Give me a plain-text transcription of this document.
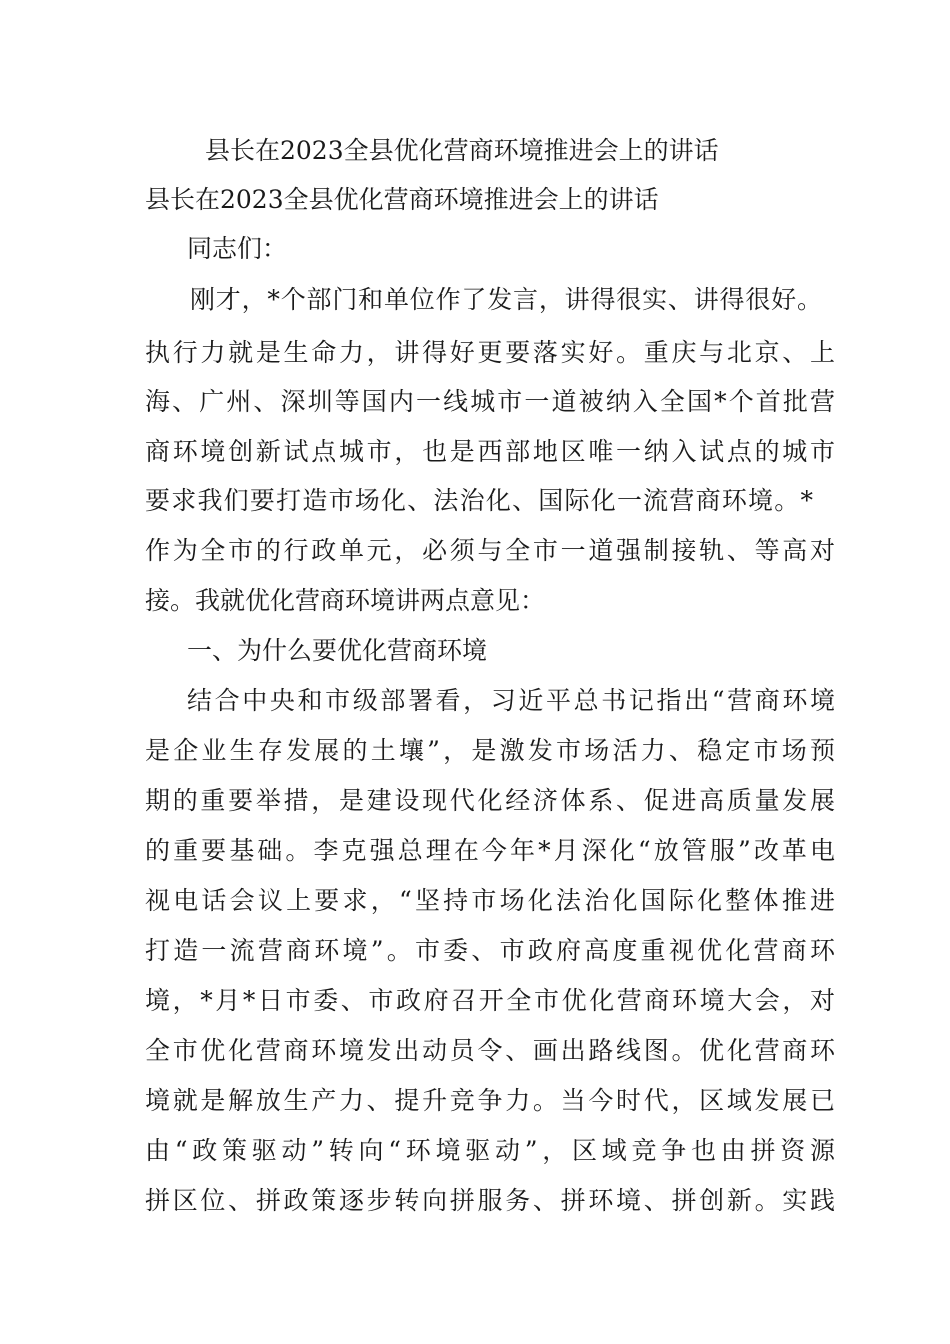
县长在2023全县优化营商环境推进会上的讲话
县长在2023全县优化营商环境推进会上的讲话
同志们：
刚才，*个部门和单位作了发言，讲得很实、讲得很好。
执行力就是生命力，讲得好更要落实好。重庆与北京、上
海、广州、深圳等国内一线城市一道被纳入全国*个首批营
商环境创新试点城市，也是西部地区唯一纳入试点的城市
要求我们要打造市场化、法治化、国际化一流营商环境。*
作为全市的行政单元，必须与全市一道强制接轨、等高对
接。我就优化营商环境讲两点意见：
一、为什么要优化营商环境
结合中央和市级部署看，习近平总书记指出“营商环境
是企业生存发展的土壤”，是激发市场活力、稳定市场预
期的重要举措，是建设现代化经济体系、促进高质量发展
的重要基础。李克强总理在今年*月深化“放管服”改革电
视电话会议上要求，“坚持市场化法治化国际化整体推进
打造一流营商环境”。市委、市政府高度重视优化营商环
境，*月*日市委、市政府召开全市优化营商环境大会，对
全市优化营商环境发出动员令、画出路线图。优化营商环
境就是解放生产力、提升竞争力。当今时代，区域发展已
由“政策驱动”转向“环境驱动”，区域竞争也由拼资源
拼区位、拼政策逐步转向拼服务、拼环境、拼创新。实践
